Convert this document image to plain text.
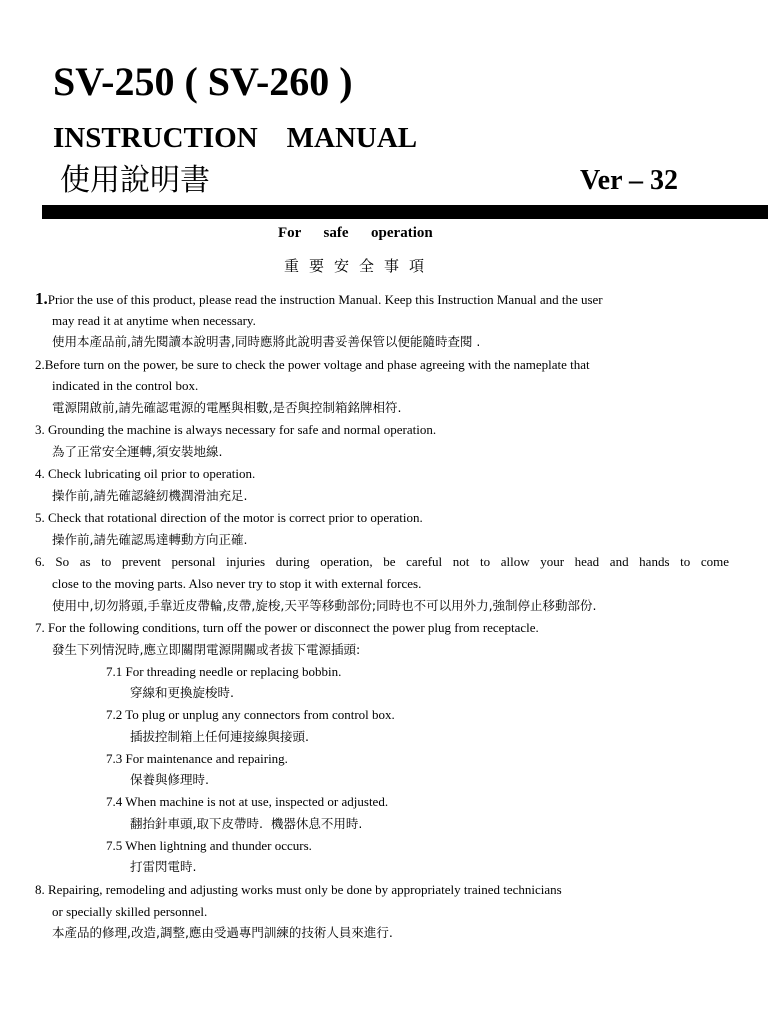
SV-250 ( SV-260 )
INSTRUCTION    MANUAL
使用說明書	Ver – 32
For      safe      operation
重要安全事項
1.Prior the use of this product, please read the instruction Manual. Keep this Instruction Manual and the user
may read it at anytime when necessary.
使用本產品前,請先閱讀本說明書,同時應將此說明書妥善保管以便能隨時查閱 .
2.Before turn on the power, be sure to check the power voltage and phase agreeing with the nameplate that
indicated in the control box.
電源開啟前,請先確認電源的電壓與相數,是否與控制箱銘牌相符.
3. Grounding the machine is always necessary for safe and normal operation.
為了正常安全運轉,須安裝地線.
4. Check lubricating oil prior to operation.
操作前,請先確認縫紉機潤滑油充足.
5. Check that rotational direction of the motor is correct prior to operation.
操作前,請先確認馬達轉動方向正確.
6. So as to prevent personal injuries during operation, be careful not to allow your head and hands to come
close to the moving parts. Also never try to stop it with external forces.
使用中,切勿將頭,手靠近皮帶輪,皮帶,旋梭,天平等移動部份;同時也不可以用外力,強制停止移動部份.
7. For the following conditions, turn off the power or disconnect the power plug from receptacle.
發生下列情況時,應立即關閉電源開關或者拔下電源插頭:
7.1 For threading needle or replacing bobbin.
穿線和更換旋梭時.
7.2 To plug or unplug any connectors from control box.
插拔控制箱上任何連接線與接頭.
7.3 For maintenance and repairing.
保養與修理時.
7.4 When machine is not at use, inspected or adjusted.
翻抬針車頭,取下皮帶時.  機器休息不用時.
7.5 When lightning and thunder occurs.
打雷閃電時.
8. Repairing, remodeling and adjusting works must only be done by appropriately trained technicians
or specially skilled personnel.
本產品的修理,改造,調整,應由受過專門訓練的技術人員來進行.
